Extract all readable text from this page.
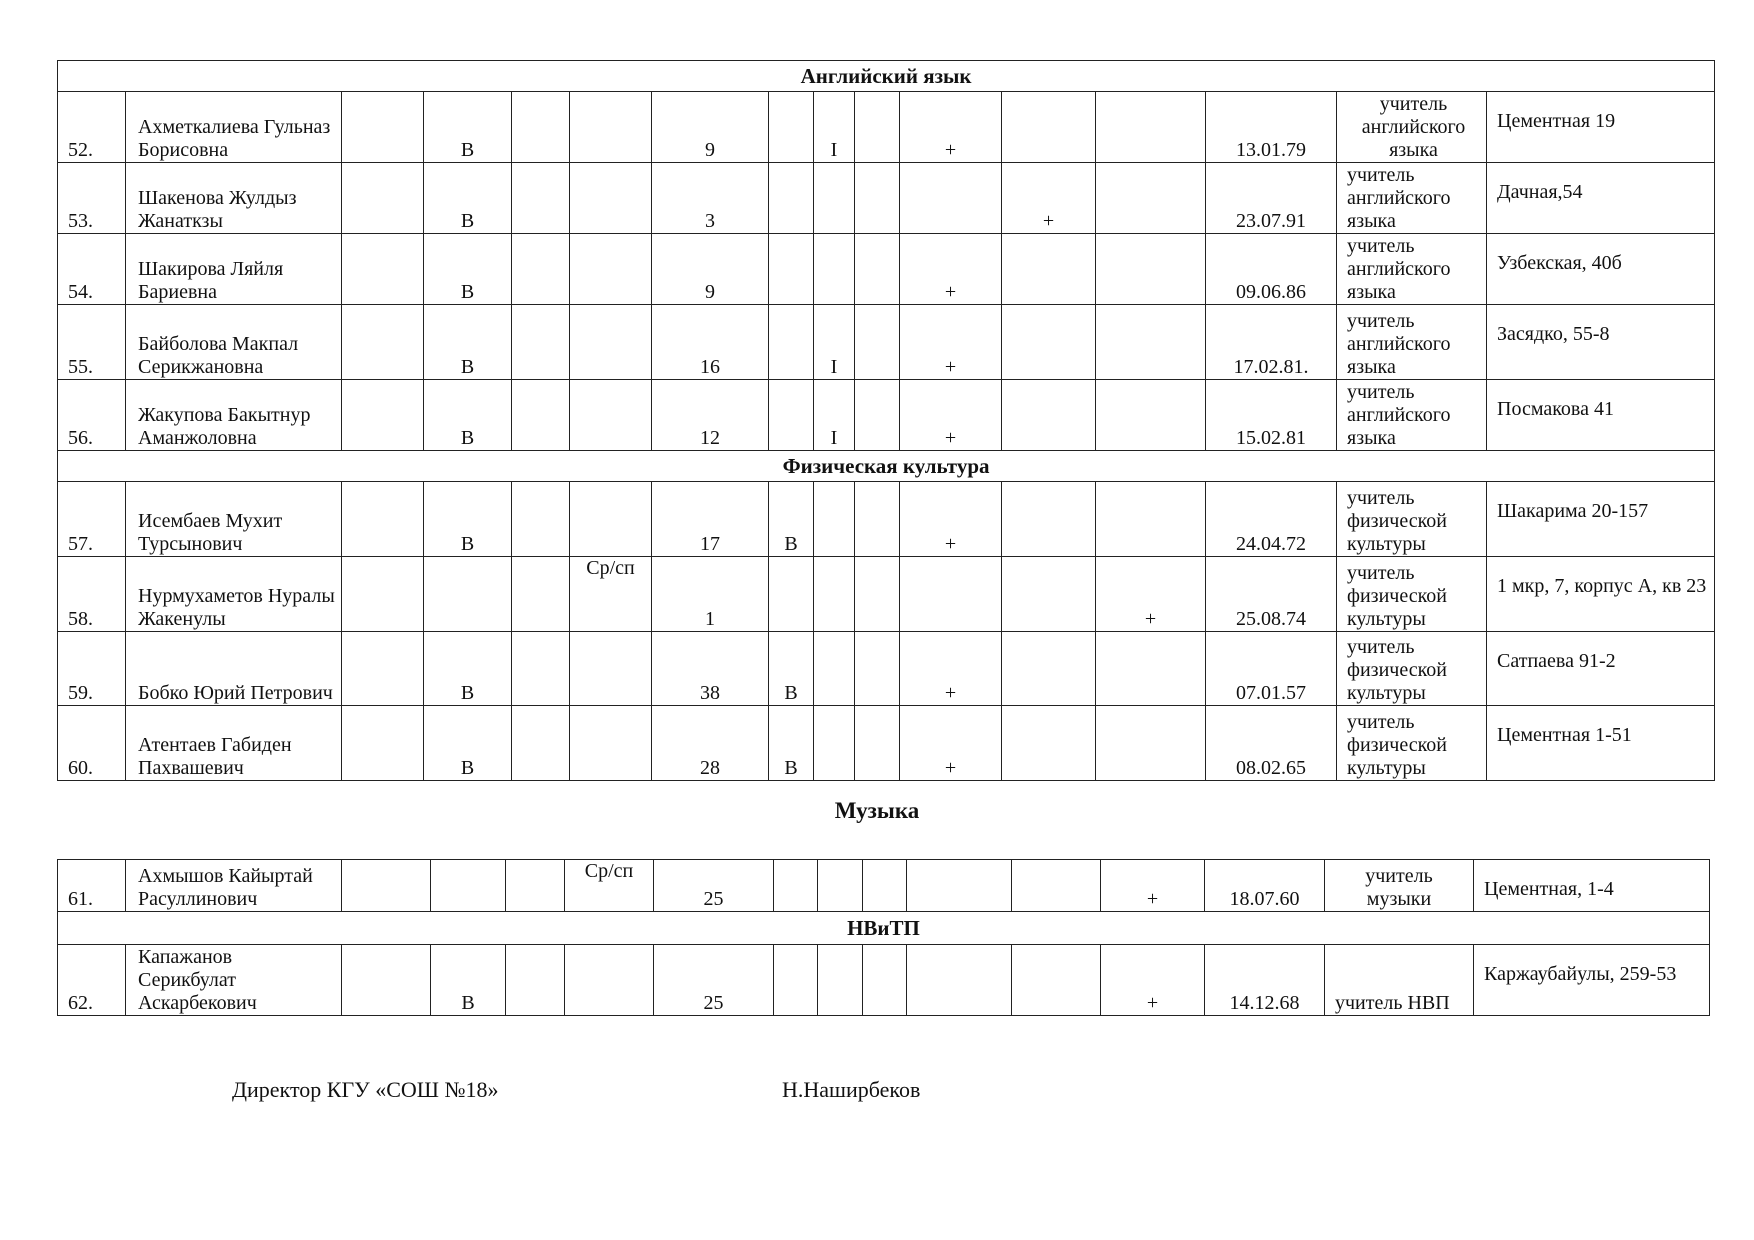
Английский язык															
52.	Ахметкалиева Гульназ Борисовна		В			9		I		+			13.01.79	учитель английского языка	Цементная 19
53.	Шакенова Жулдыз Жанаткзы		В			3					+		23.07.91	учитель английского языка	Дачная,54
54.	Шакирова Ляйля Бариевна		В			9				+			09.06.86	учитель английского языка	Узбекская, 40б
55.	Байболова Макпал Серикжановна		В			16		I		+			17.02.81.	учитель английского языка	Засядко, 55-8
56.	Жакупова Бакытнур Аманжоловна		В			12		I		+			15.02.81	учитель английского языка	Посмакова 41
Физическая культура															
57.	Исембаев Мухит Турсынович		В			17	В			+			24.04.72	учитель физической культуры	Шакарима 20-157
58.	Нурмухаметов Нуралы Жакенулы				Ср/сп	1						+	25.08.74	учитель физической культуры	1 мкр, 7, корпус А, кв 23
59.	Бобко Юрий Петрович		В			38	В			+			07.01.57	учитель физической культуры	Сатпаева 91-2
60.	Атентаев Габиден Пахвашевич		В			28	В			+			08.02.65	учитель физической культуры	Цементная 1-51
Музыка
61.	Ахмышов Кайыртай Расуллинович				Ср/сп	25						+	18.07.60	учитель музыки	Цементная, 1-4
НВиТП															
62.	Капажанов Серикбулат Аскарбекович		В			25						+	14.12.68	учитель НВП	Каржаубайулы, 259-53
Директор КГУ «СОШ №18»	Н.Наширбеков
